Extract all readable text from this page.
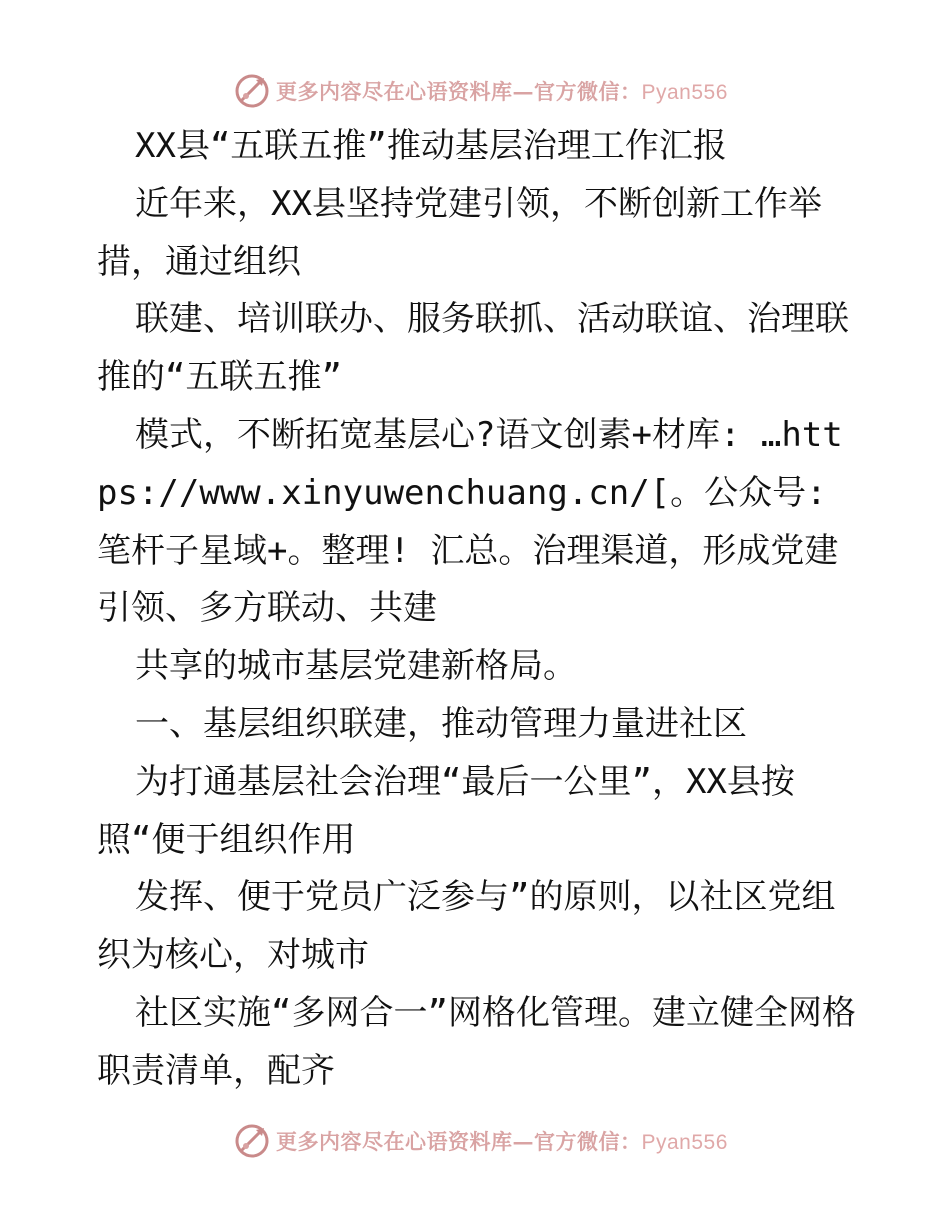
更多内容尽在心语资料库—官方微信：Pyan556

XX县“五联五推”推动基层治理工作汇报

近年来，XX县坚持党建引领，不断创新工作举措，通过组织

联建、培训联办、服务联抓、活动联谊、治理联推的“五联五推”

模式，不断拓宽基层心?语文创素+材库: …https://www.xinyuwenchuang.cn/[。公众号: 笔杆子星域+。整理! 汇总。治理渠道，形成党建引领、多方联动、共建

共享的城市基层党建新格局。

一、基层组织联建，推动管理力量进社区

为打通基层社会治理“最后一公里”，XX县按照“便于组织作用

发挥、便于党员广泛参与”的原则，以社区党组织为核心，对城市

社区实施“多网合一”网格化管理。建立健全网格职责清单，配齐

更多内容尽在心语资料库—官方微信：Pyan556
